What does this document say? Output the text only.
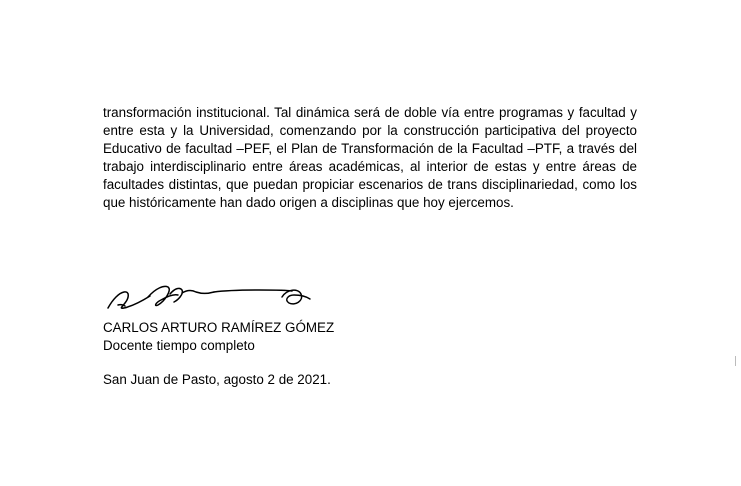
transformación institucional. Tal dinámica será de doble vía entre programas y facultad y entre esta y la Universidad, comenzando por la construcción participativa del proyecto Educativo de facultad –PEF, el Plan de Transformación de la Facultad –PTF, a través del trabajo interdisciplinario entre áreas académicas, al interior de estas y entre áreas de facultades distintas, que puedan propiciar escenarios de trans disciplinariedad, como los que históricamente han dado origen a disciplinas que hoy ejercemos.

CARLOS ARTURO RAMÍREZ GÓMEZ
Docente tiempo completo
San Juan de Pasto, agosto 2 de 2021.
